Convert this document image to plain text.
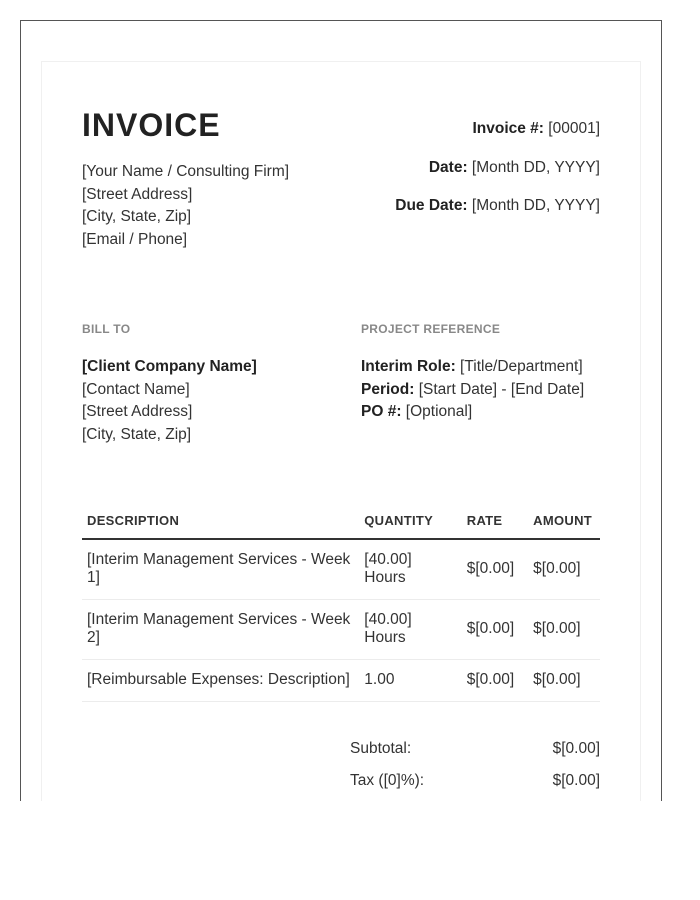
INVOICE
[Your Name / Consulting Firm]
[Street Address]
[City, State, Zip]
[Email / Phone]
Invoice #: [00001]
Date: [Month DD, YYYY]
Due Date: [Month DD, YYYY]
BILL TO
[Client Company Name]
[Contact Name]
[Street Address]
[City, State, Zip]
PROJECT REFERENCE
Interim Role: [Title/Department]
Period: [Start Date] - [End Date]
PO #: [Optional]
DESCRIPTION	QUANTITY	RATE	AMOUNT
[Interim Management Services - Week 1]	[40.00] Hours	$[0.00]	$[0.00]
[Interim Management Services - Week 2]	[40.00] Hours	$[0.00]	$[0.00]
[Reimbursable Expenses: Description]	1.00	$[0.00]	$[0.00]
Subtotal:	$[0.00]
Tax ([0]%):	$[0.00]
